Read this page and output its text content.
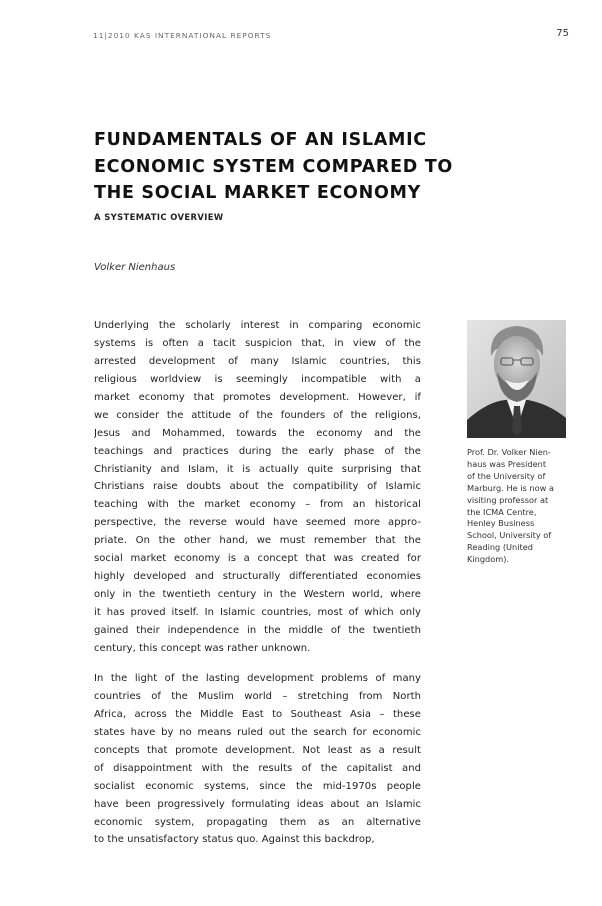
11|2010 KAS INTERNATIONAL REPORTS	75
FUNDAMENTALS OF AN ISLAMIC
ECONOMIC SYSTEM COMPARED TO
THE SOCIAL MARKET ECONOMY
A SYSTEMATIC OVERVIEW
Volker Nienhaus
Underlying the scholarly interest in comparing economic
systems is often a tacit suspicion that, in view of the
arrested development of many Islamic countries, this
religious worldview is seemingly incompatible with a
market economy that promotes development. However, if
we consider the attitude of the founders of the religions,
Jesus and Mohammed, towards the economy and the
teachings and practices during the early phase of the
Christianity and Islam, it is actually quite surprising that
Christians raise doubts about the compatibility of Islamic
teaching with the market economy – from an historical
perspective, the reverse would have seemed more appro-
priate. On the other hand, we must remember that the
social market economy is a concept that was created for
highly developed and structurally differentiated economies
only in the twentieth century in the Western world, where
it has proved itself. In Islamic countries, most of which only
gained their independence in the middle of the twentieth
century, this concept was rather unknown.
In the light of the lasting development problems of many
countries of the Muslim world – stretching from North
Africa, across the Middle East to Southeast Asia – these
states have by no means ruled out the search for economic
concepts that promote development. Not least as a result
of disappointment with the results of the capitalist and
socialist economic systems, since the mid-1970s people
have been progressively formulating ideas about an Islamic
economic system, propagating them as an alternative
to the unsatisfactory status quo. Against this backdrop,
Prof. Dr. Volker Nien-
haus was President
of the University of
Marburg. He is now a
visiting professor at
the ICMA Centre,
Henley Business
School, University of
Reading (United
Kingdom).
